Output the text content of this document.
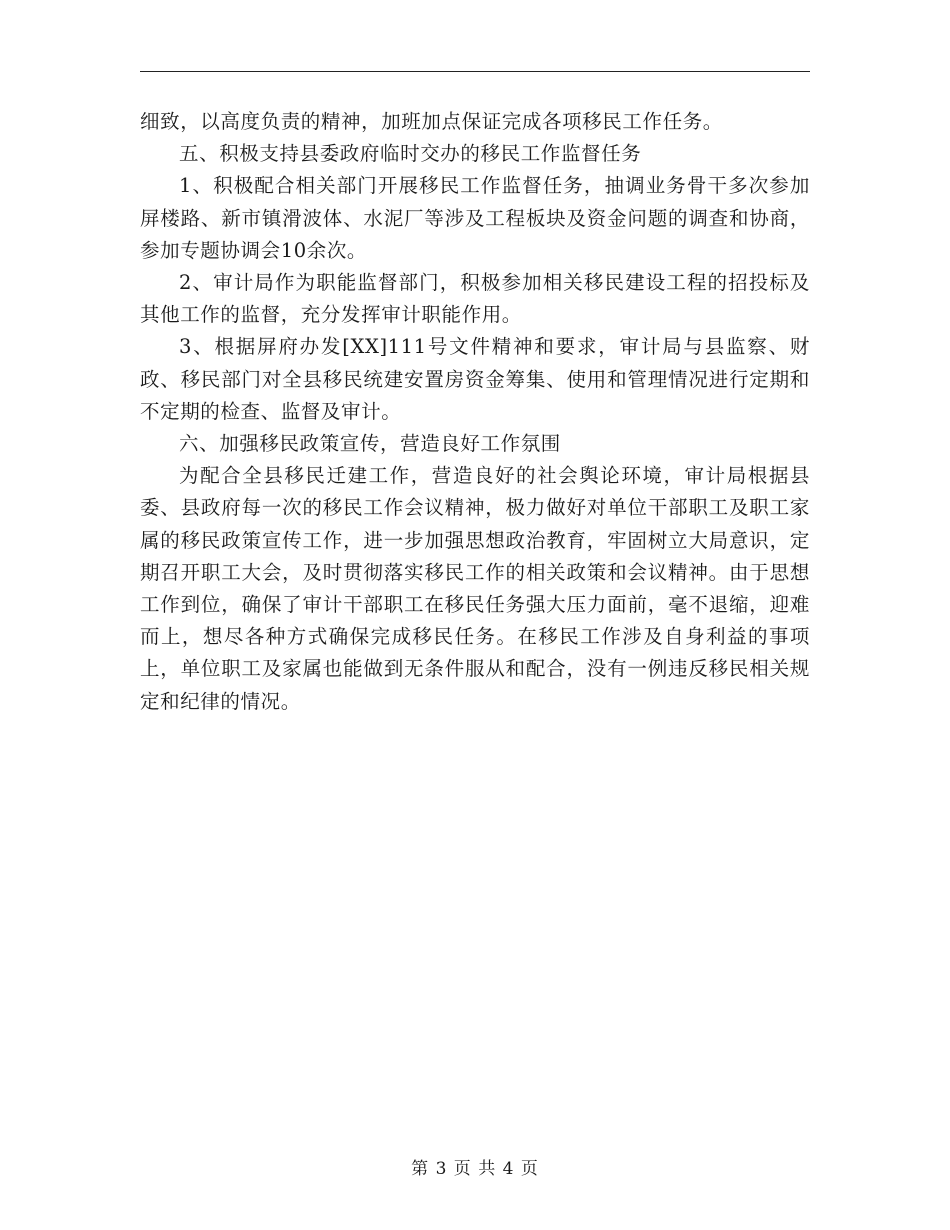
细致，以高度负责的精神，加班加点保证完成各项移民工作任务。

五、积极支持县委政府临时交办的移民工作监督任务

1、积极配合相关部门开展移民工作监督任务，抽调业务骨干多次参加屏楼路、新市镇滑波体、水泥厂等涉及工程板块及资金问题的调查和协商，参加专题协调会10余次。

2、审计局作为职能监督部门，积极参加相关移民建设工程的招投标及其他工作的监督，充分发挥审计职能作用。

3、根据屏府办发[XX]111号文件精神和要求，审计局与县监察、财政、移民部门对全县移民统建安置房资金筹集、使用和管理情况进行定期和不定期的检查、监督及审计。

六、加强移民政策宣传，营造良好工作氛围

为配合全县移民迁建工作，营造良好的社会舆论环境，审计局根据县委、县政府每一次的移民工作会议精神，极力做好对单位干部职工及职工家属的移民政策宣传工作，进一步加强思想政治教育，牢固树立大局意识，定期召开职工大会，及时贯彻落实移民工作的相关政策和会议精神。由于思想工作到位，确保了审计干部职工在移民任务强大压力面前，毫不退缩，迎难而上，想尽各种方式确保完成移民任务。在移民工作涉及自身利益的事项上，单位职工及家属也能做到无条件服从和配合，没有一例违反移民相关规定和纪律的情况。

第 3 页 共 4 页
